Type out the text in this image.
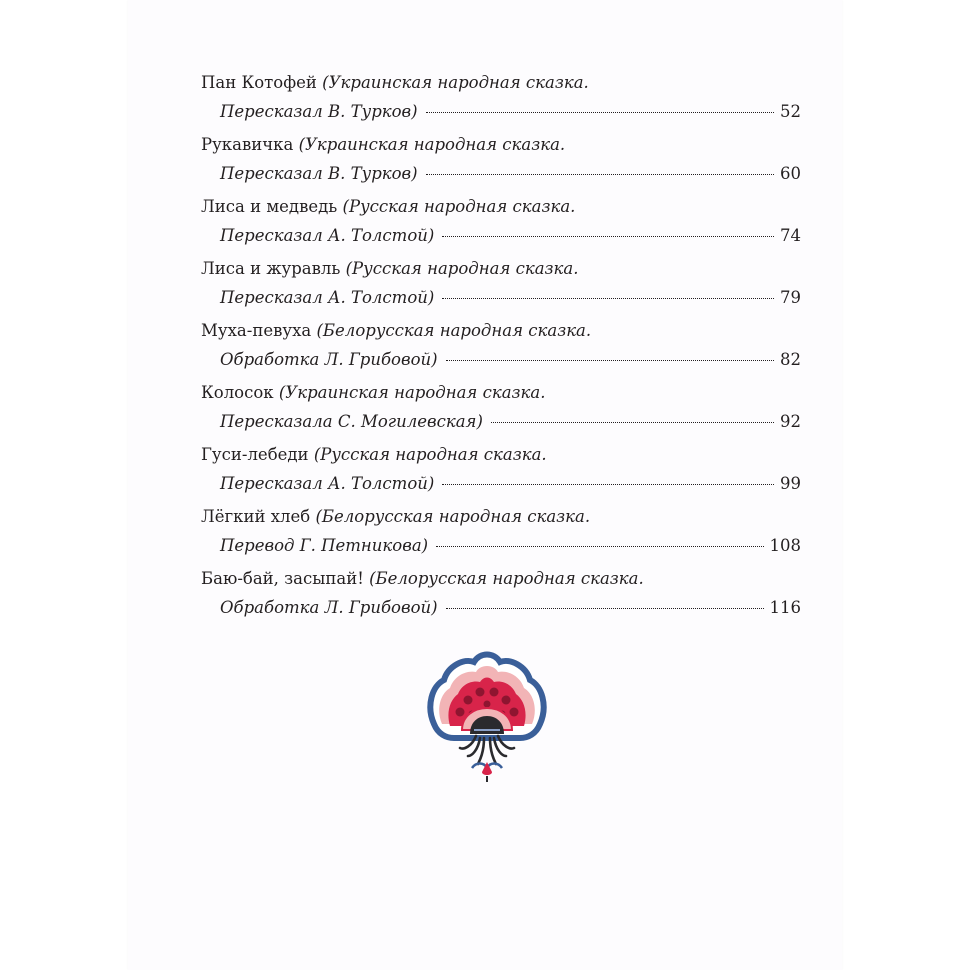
Пан Котофей (Украинская народная сказка.
Пересказал В. Турков)	52
Рукавичка (Украинская народная сказка.
Пересказал В. Турков)	60
Лиса и медведь (Русская народная сказка.
Пересказал А. Толстой)	74
Лиса и журавль (Русская народная сказка.
Пересказал А. Толстой)	79
Муха-певуха (Белорусская народная сказка.
Обработка Л. Грибовой)	82
Колосок (Украинская народная сказка.
Пересказала С. Могилевская)	92
Гуси-лебеди (Русская народная сказка.
Пересказал А. Толстой)	99
Лёгкий хлеб (Белорусская народная сказка.
Перевод Г. Петникова)	108
Баю-бай, засыпай! (Белорусская народная сказка.
Обработка Л. Грибовой)	116
